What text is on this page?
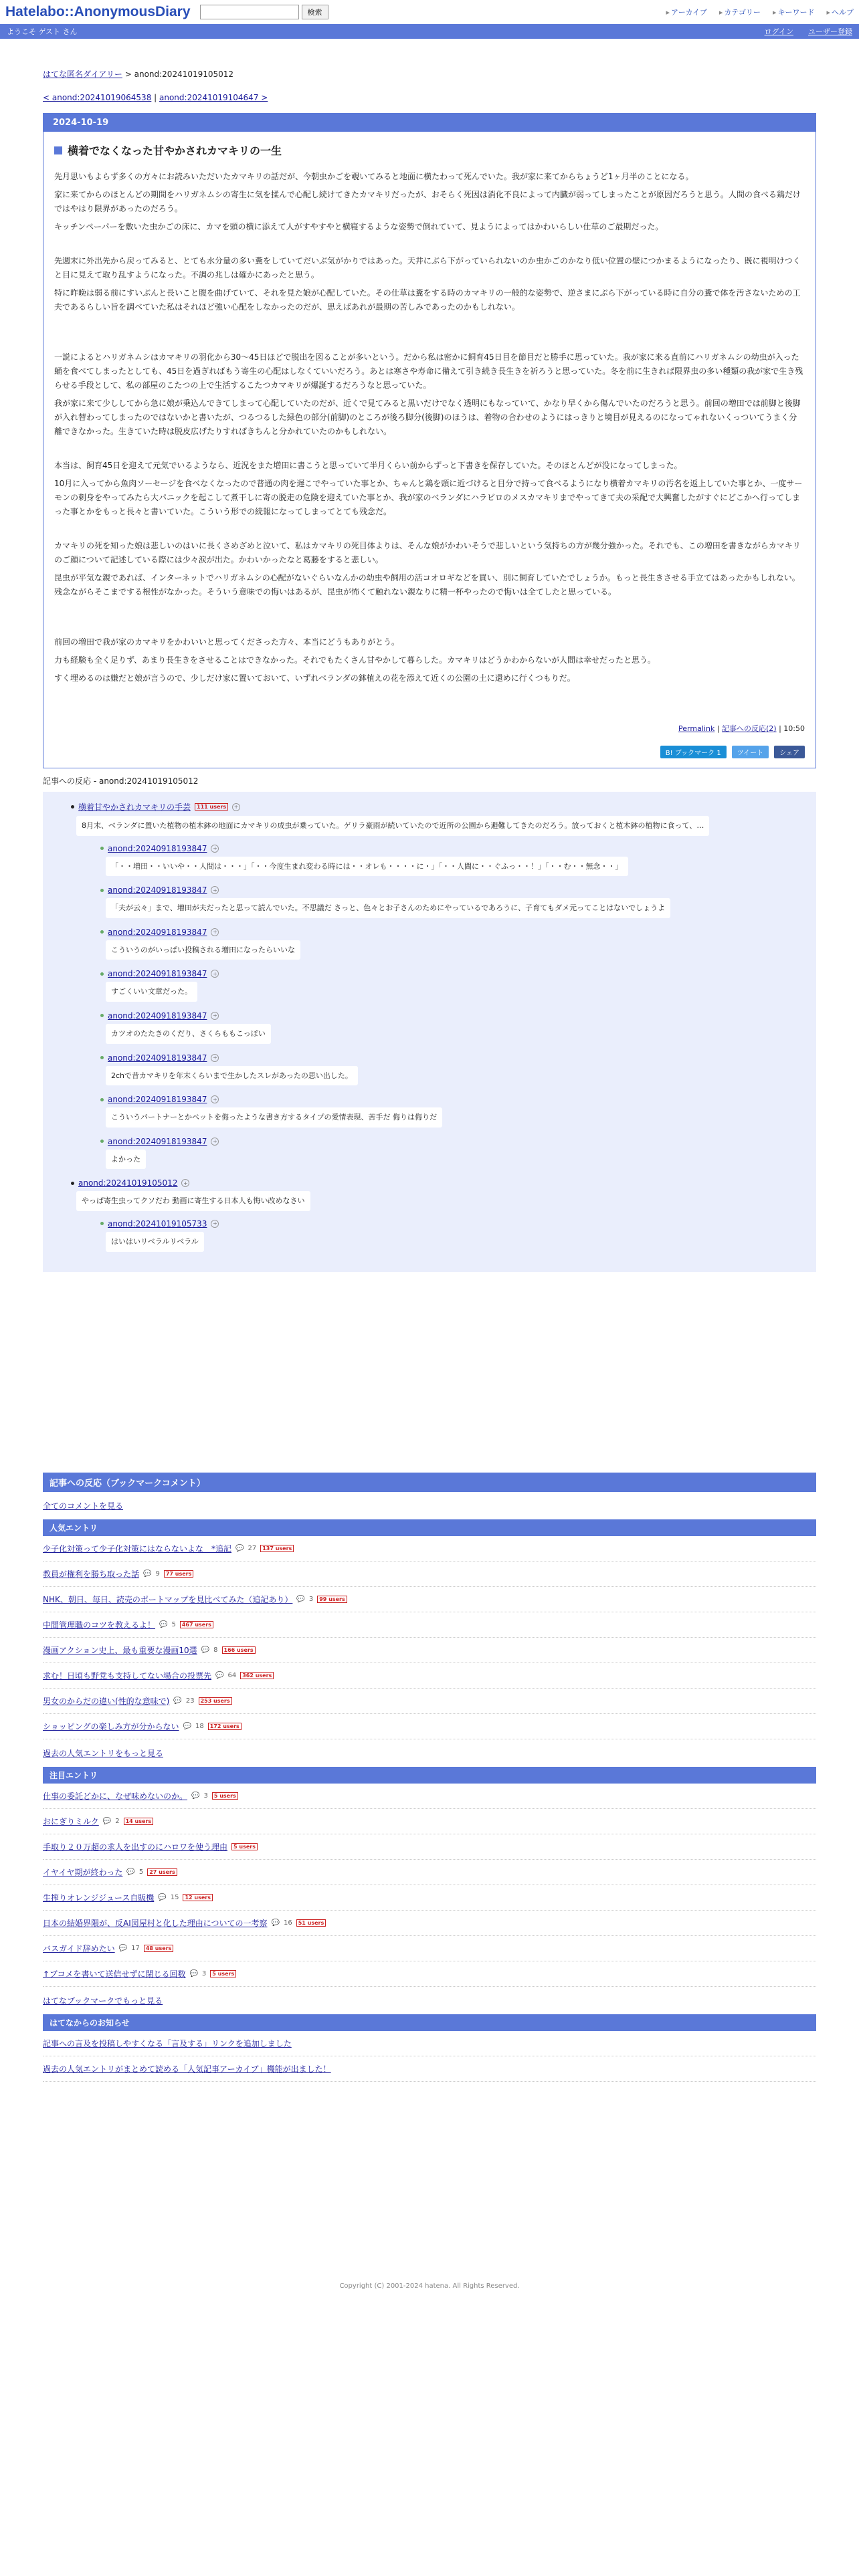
Hatelabo::AnonymousDiary	検索	▸ アーカイブ	▸ カテゴリー	▸ キーワード	▸ ヘルプ
ようこそ ゲスト さん	ログイン ユーザー登録
はてな匿名ダイアリー > anond:20241019105012
< anond:20241019064538 | anond:20241019104647 >
2024-10-19
横着でなくなった甘やかされカマキリの一生

先月思いもよらず多くの方々にお読みいただいたカマキリの話だが、今朝虫かごを覗いてみると地面に横たわって死んでいた。我が家に来てからちょうど1ヶ月半のことになる。

家に来てからのほとんどの期間をハリガネムシの寄生に気を揉んで心配し続けてきたカマキリだったが、おそらく死因は消化不良によって内臓が弱ってしまったことが原因だろうと思う。人間の食べる鶏だけではやはり限界があったのだろう。

キッチンペーパーを敷いた虫かごの床に、カマを頭の横に添えて人がすやすやと横寝するような姿勢で倒れていて、見ようによってはかわいらしい仕草のご最期だった。

先週末に外出先から戻ってみると、とても水分量の多い糞をしていてだいぶ気がかりではあった。天井にぶら下がっていられないのか虫かごのかなり低い位置の壁につかまるようになったり、既に視明けつくと目に見えて取り乱すようになった。不調の兆しは確かにあったと思う。

特に昨晩は弱る前にすいぶんと長いこと腹を曲げていて、それを見た娘が心配していた。その仕草は糞をする時のカマキリの一般的な姿勢で、逆さまにぶら下がっている時に自分の糞で体を汚さないための工夫であるらしい旨を調べていた私はそれほど強い心配をしなかったのだが、思えばあれが最期の苦しみであったのかもしれない。

一説によるとハリガネムシはカマキリの羽化から30〜45日ほどで脱出を図ることが多いという。だから私は密かに飼育45日目を節目だと勝手に思っていた。我が家に来る直前にハリガネムシの幼虫が入った蛹を食べてしまったとしても、45日を過ぎればもう寄生の心配はしなくていいだろう。あとは寒さや寿命に備えて引き続き長生きを祈ろうと思っていた。冬を前に生きれば限界虫の多い種類の我が家で生き残らせる手段として、私の部屋のこたつの上で生活するこたつカマキリが爆誕するだろうなと思っていた。

我が家に来て少ししてから急に娘が乗込んできてしまって心配していたのだが、近くで見てみると黒いだけでなく透明にもなっていて、かなり早くから傷んでいたのだろうと思う。前回の増田では前脚と後脚が入れ替わってしまったのではないかと書いたが、つるつるした緑色の部分(前脚)のところが後ろ脚分(後脚)のほうは、着物の合わせのようにはっきりと境目が見えるのになってゃれないくっついてうまく分離できなかった。生きていた時は脱皮広げたりすればきちんと分かれていたのかもしれない。

本当は、飼育45日を迎えて元気でいるようなら、近況をまた増田に書こうと思っていて半月くらい前からずっと下書きを保存していた。そのほとんどが没になってしまった。

10月に入ってから魚肉ソーセージを食べなくなったので普通の肉を遅こでやっていた事とか、ちゃんと鶏を頭に近づけると目分で持って食べるようになり横着カマキリの汚名を返上していた事とか、一度サーモンの刺身をやってみたら大パニックを起こして煮干しに寄の脱走の危険を迎えていた事とか、我が家のベランダにハラビロのメスカマキリまでやってきて夫の采配で大興奮したがすぐにどこかへ行ってしまった事とかをもっと長々と書いていた。こういう形での続報になってしまってとても残念だ。

カマキリの死を知った娘は悲しいのはいに長くさめざめと泣いて、私はカマキリの死目体よりは、そんな娘がかわいそうで悲しいという気持ちの方が幾分強かった。それでも、この増田を書きながらカマキリのご顔について記述している際には少々涙が出た。かわいかったなと葛藤をすると悲しい。

昆虫が平気な親であれば、インターネットでハリガネムシの心配がないぐらいなんかの幼虫や飼用の活コオロギなどを買い、別に飼育していたでしょうか。もっと長生きさせる手立てはあったかもしれない。残念ながらそこまでする根性がなかった。そういう意味での悔いはあるが、昆虫が怖くて触れない親なりに精一杯やったので悔いは全てしたと思っている。

前回の増田で我が家のカマキリをかわいいと思ってくださった方々、本当にどうもありがとう。

力も経験も全く足りず、あまり長生きをさせることはできなかった。それでもたくさん甘やかして暮らした。カマキリはどうかわからないが人間は幸せだったと思う。

すく埋めるのは嫌だと娘が言うので、少しだけ家に置いておいて、いずれベランダの鉢植えの花を添えて近くの公園の土に還めに行くつもりだ。

Permalink | 記事への反応(2) | 10:50
B! ブックマーク 1	ツイート	シェア
記事への反応 - anond:20241019105012
横着甘やかされカマキリの手芸	111 users	+
8月末、ベランダに置いた植物の植木鉢の地面にカマキリの成虫が乗っていた。ゲリラ豪雨が続いていたので近所の公園から避難してきたのだろう。放っておくと植木鉢の植物に食って、…
anond:20240918193847	+
「・・増田・・いいや・・人間は・・・」「・・今度生まれ変わる時には・・オレも・・・・に・」「・・人間に・・ぐふっ・・！」「・・む・・無念・・」
anond:20240918193847	+
「夫が云々」まで、増田が夫だったと思って読んでいた。不思議だ さっと、色々とお子さんのためにやっているであろうに、子育てもダメ元ってことはないでしょうよ
anond:20240918193847	+
こういうのがいっぱい投稿される増田になったらいいな
anond:20240918193847	+
すごくいい文章だった。
anond:20240918193847	+
カツオのたたきのくだり、さくらももこっぽい
anond:20240918193847	+
2chで昔カマキリを年末くらいまで生かしたスレがあったの思い出した。
anond:20240918193847	+
こういうパートナーとかペットを侮ったような書き方するタイプの愛情表現、苦手だ 侮りは侮りだ
anond:20240918193847	+
よかった
anond:20241019105012	+
やっぱ寄生虫ってクソだわ 動画に寄生する日本人も悔い改めなさい
anond:20241019105733	+
はいはいリベラルリベラル
記事への反応（ブックマークコメント）
全てのコメントを見る
人気エントリ
少子化対策って少子化対策にはならないよな　*追記 💬 27	137 users
教員が権利を勝ち取った話 💬 9	77 users
NHK、朝日、毎日、読売のポートマップを見比べてみた（追記あり） 💬 3	99 users
中間管理職のコツを教えるよ！ 💬 5	467 users
漫画アクション史上、最も重要な漫画10選 💬 8	166 users
求む！日頃も野党も支持してない場合の投票先 💬 64	362 users
男女のからだの違い(性的な意味で) 💬 23	253 users
ショッピングの楽しみ方が分からない 💬 18	172 users
過去の人気エントリをもっと見る
注目エントリ
仕事の委託どかに、なぜ味めないのか。 💬 3	5 users
おにぎりミルク 💬 2	14 users
手取り２０万超の求人を出すのにハロワを使う理由	5 users
イヤイヤ期が終わった 💬 5	27 users
生搾りオレンジジュース自販機 💬 15	12 users
日本の結婚界隈が、反AI図屋村と化した理由についての一考察 💬 16	51 users
バスガイド辞めたい 💬 17	48 users
↑ブコメを書いて送信せずに閉じる回数 💬 3	5 users
はてなブックマークでもっと見る
はてなからのお知らせ
記事への言及を投稿しやすくなる「言及する」リンクを追加しました
過去の人気エントリがまとめて読める「人気記事アーカイブ」機能が出ました！
Copyright (C) 2001-2024 hatena. All Rights Reserved.
